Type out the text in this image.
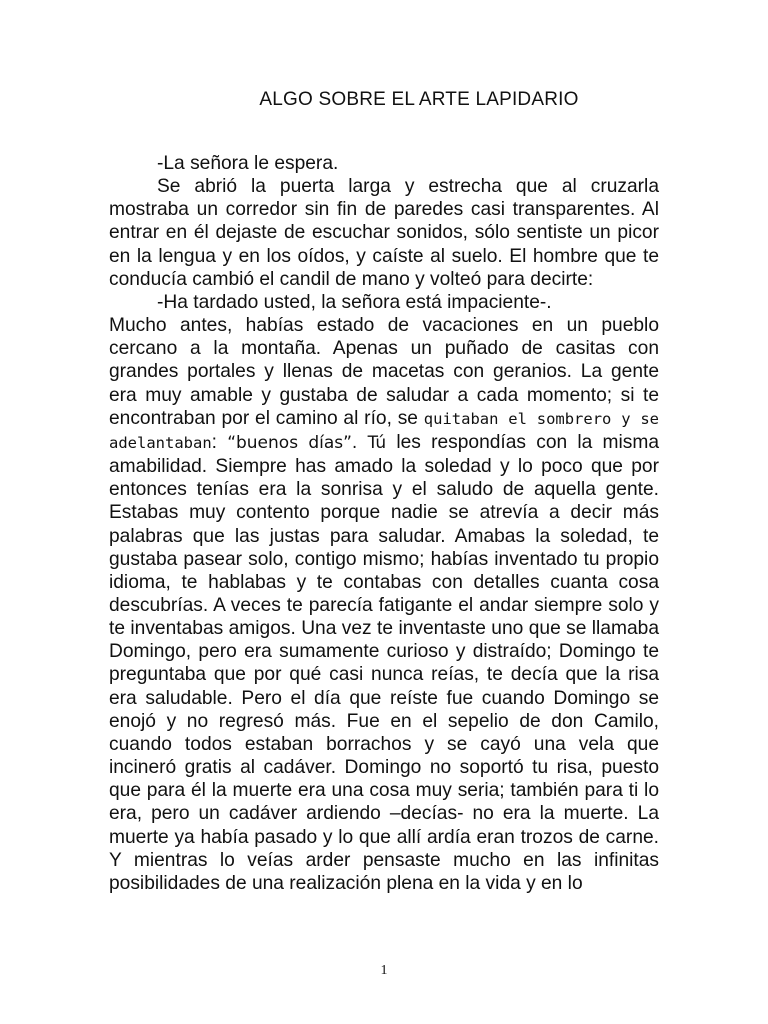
ALGO SOBRE EL ARTE LAPIDARIO

-La señora le espera.

Se abrió la puerta larga y estrecha que al cruzarla mostraba un corredor sin fin de paredes casi transparentes. Al entrar en él dejaste de escuchar sonidos, sólo sentiste un picor en la lengua y en los oídos, y caíste al suelo. El hombre que te conducía cambió el candil de mano y volteó para decirte:

-Ha tardado usted, la señora está impaciente-.

Mucho antes, habías estado de vacaciones en un pueblo cercano a la montaña. Apenas un puñado de casitas con grandes portales y llenas de macetas con geranios. La gente era muy amable y gustaba de saludar a cada momento; si te encontraban por el camino al río, se quitaban el sombrero y se adelantaban: “buenos días”. Tú les respondías con la misma amabilidad. Siempre has amado la soledad y lo poco que por entonces tenías era la sonrisa y el saludo de aquella gente. Estabas muy contento porque nadie se atrevía a decir más palabras que las justas para saludar. Amabas la soledad, te gustaba pasear solo, contigo mismo; habías inventado tu propio idioma, te hablabas y te contabas con detalles cuanta cosa descubrías. A veces te parecía fatigante el andar siempre solo y te inventabas amigos. Una vez te inventaste uno que se llamaba Domingo, pero era sumamente curioso y distraído; Domingo te preguntaba que por qué casi nunca reías, te decía que la risa era saludable. Pero el día que reíste fue cuando Domingo se enojó y no regresó más. Fue en el sepelio de don Camilo, cuando todos estaban borrachos y se cayó una vela que incineró gratis al cadáver. Domingo no soportó tu risa, puesto que para él la muerte era una cosa muy seria; también para ti lo era, pero un cadáver ardiendo –decías- no era la muerte. La muerte ya había pasado y lo que allí ardía eran trozos de carne. Y mientras lo veías arder pensaste mucho en las infinitas posibilidades de una realización plena en la vida y en lo

1
